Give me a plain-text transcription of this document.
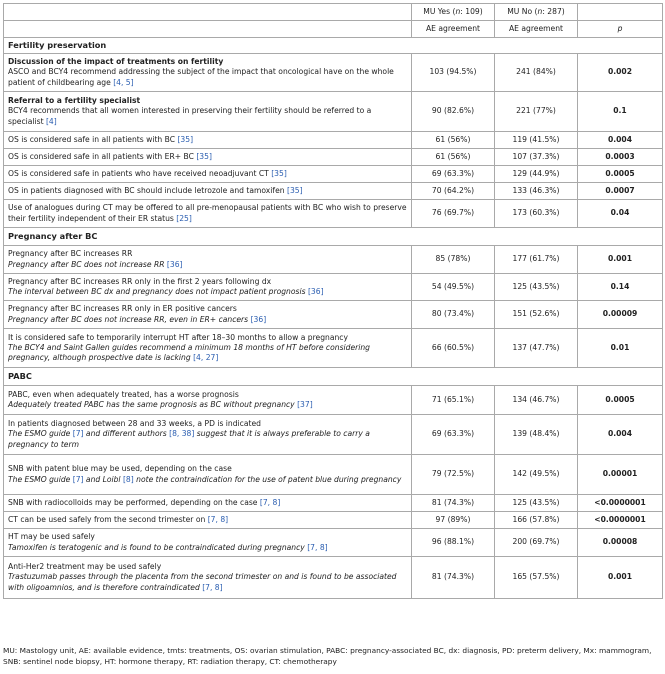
	MU Yes (n: 109)	MU No (n: 287)	
	AE agreement	AE agreement	p
Fertility preservation			
Discussion of the impact of treatments on fertility
ASCO and BCY4 recommend addressing the subject of the impact that oncological have on the whole patient of childbearing age [4, 5]	103 (94.5%)	241 (84%)	0.002
Referral to a fertility specialist
BCY4 recommends that all women interested in preserving their fertility should be referred to a specialist [4]	90 (82.6%)	221 (77%)	0.1
OS is considered safe in all patients with BC [35]	61 (56%)	119 (41.5%)	0.004
OS is considered safe in all patients with ER+ BC [35]	61 (56%)	107 (37.3%)	0.0003
OS is considered safe in patients who have received neoadjuvant CT [35]	69 (63.3%)	129 (44.9%)	0.0005
OS in patients diagnosed with BC should include letrozole and tamoxifen [35]	70 (64.2%)	133 (46.3%)	0.0007
Use of analogues during CT may be offered to all pre-menopausal patients with BC who wish to preserve their fertility independent of their ER status [25]	76 (69.7%)	173 (60.3%)	0.04
Pregnancy after BC			
Pregnancy after BC increases RR
Pregnancy after BC does not increase RR [36]	85 (78%)	177 (61.7%)	0.001
Pregnancy after BC increases RR only in the first 2 years following dx
The interval between BC dx and pregnancy does not impact patient prognosis [36]	54 (49.5%)	125 (43.5%)	0.14
Pregnancy after BC increases RR only in ER positive cancers
Pregnancy after BC does not increase RR, even in ER+ cancers [36]	80 (73.4%)	151 (52.6%)	0.00009
It is considered safe to temporarily interrupt HT after 18–30 months to allow a pregnancy
The BCY4 and Saint Gallen guides recommend a minimum 18 months of HT before considering pregnancy, although prospective date is lacking [4, 27]	66 (60.5%)	137 (47.7%)	0.01
PABC			
PABC, even when adequately treated, has a worse prognosis
Adequately treated PABC has the same prognosis as BC without pregnancy [37]	71 (65.1%)	134 (46.7%)	0.0005
In patients diagnosed between 28 and 33 weeks, a PD is indicated
The ESMO guide [7] and different authors [8, 38] suggest that it is always preferable to carry a pregnancy to term	69 (63.3%)	139 (48.4%)	0.004
SNB with patent blue may be used, depending on the case
The ESMO guide [7] and Loibl [8] note the contraindication for the use of patent blue during pregnancy	79 (72.5%)	142 (49.5%)	0.00001
SNB with radiocolloids may be performed, depending on the case [7, 8]	81 (74.3%)	125 (43.5%)	<0.0000001
CT can be used safely from the second trimester on [7, 8]	97 (89%)	166 (57.8%)	<0.0000001
HT may be used safely
Tamoxifen is teratogenic and is found to be contraindicated during pregnancy [7, 8]	96 (88.1%)	200 (69.7%)	0.00008
Anti-Her2 treatment may be used safely
Trastuzumab passes through the placenta from the second trimester on and is found to be associated with oligoamnios, and is therefore contraindicated [7, 8]	81 (74.3%)	165 (57.5%)	0.001
MU: Mastology unit, AE: available evidence, tmts: treatments, OS: ovarian stimulation, PABC: pregnancy-associated BC, dx: diagnosis, PD: preterm delivery, Mx: mammogram, SNB: sentinel node biopsy, HT: hormone therapy, RT: radiation therapy, CT: chemotherapy
